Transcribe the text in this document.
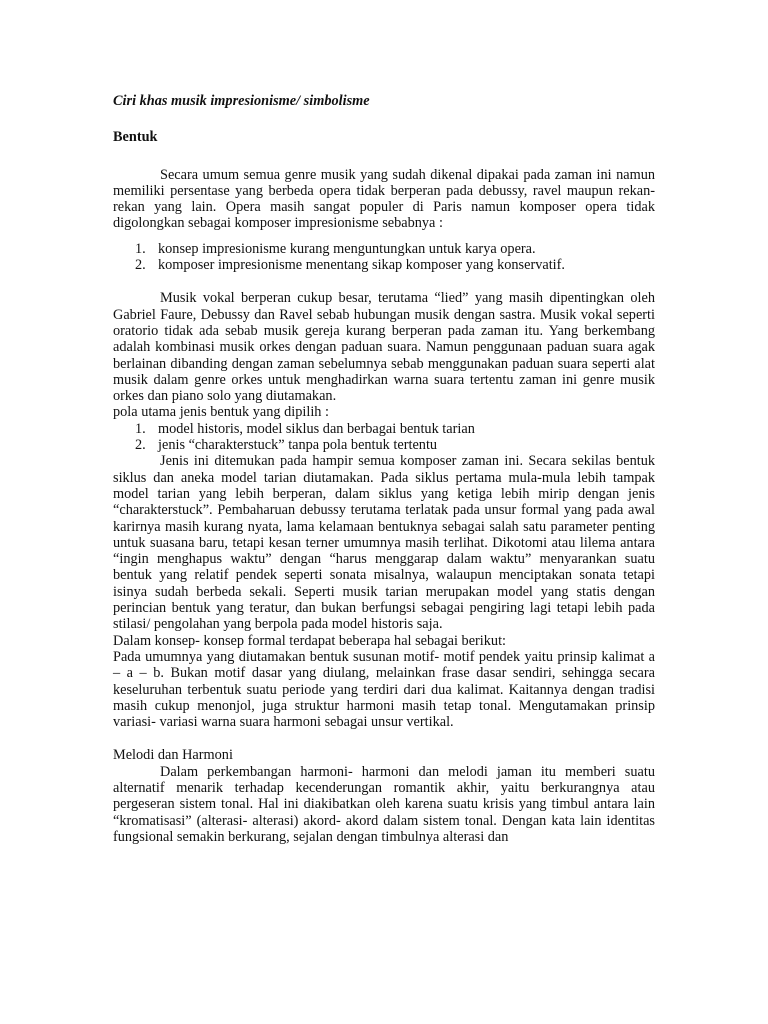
Ciri khas musik impresionisme/ simbolisme
Bentuk

Secara umum semua genre musik yang sudah dikenal dipakai pada zaman ini namun memiliki persentase yang berbeda opera tidak berperan pada debussy, ravel maupun rekan-rekan yang lain. Opera masih sangat populer di Paris namun komposer opera tidak digolongkan sebagai komposer impresionisme sebabnya :

1. konsep impresionisme kurang menguntungkan untuk karya opera.
2. komposer impresionisme menentang sikap komposer yang konservatif.

Musik vokal berperan cukup besar, terutama “lied” yang masih dipentingkan oleh Gabriel Faure, Debussy dan Ravel sebab hubungan musik dengan sastra. Musik vokal seperti oratorio tidak ada sebab musik gereja kurang berperan pada zaman itu. Yang berkembang adalah kombinasi musik orkes dengan paduan suara. Namun penggunaan paduan suara agak berlainan dibanding dengan zaman sebelumnya sebab menggunakan paduan suara seperti alat musik dalam genre orkes untuk menghadirkan warna suara tertentu zaman ini genre musik orkes dan piano solo yang diutamakan.

pola utama jenis bentuk yang dipilih :

1. model historis, model siklus dan berbagai bentuk tarian
2. jenis “charakterstuck” tanpa pola bentuk tertentu

Jenis ini ditemukan pada hampir semua komposer zaman ini. Secara sekilas bentuk siklus dan aneka model tarian diutamakan. Pada siklus pertama mula-mula lebih tampak model tarian yang lebih berperan, dalam siklus yang ketiga lebih mirip dengan jenis “charakterstuck”. Pembaharuan debussy terutama terlatak pada unsur formal yang pada awal karirnya masih kurang nyata, lama kelamaan bentuknya sebagai salah satu parameter penting untuk suasana baru, tetapi kesan terner umumnya masih terlihat. Dikotomi atau lilema antara “ingin menghapus waktu” dengan “harus menggarap dalam waktu” menyarankan suatu bentuk yang relatif pendek seperti sonata misalnya, walaupun menciptakan sonata tetapi isinya sudah berbeda sekali. Seperti musik tarian merupakan model yang statis dengan perincian bentuk yang teratur, dan bukan berfungsi sebagai pengiring lagi tetapi lebih pada stilasi/ pengolahan yang berpola pada model historis saja.

Dalam konsep- konsep formal terdapat beberapa hal sebagai berikut:

Pada umumnya yang diutamakan bentuk susunan motif- motif pendek yaitu prinsip kalimat a – a – b. Bukan motif dasar yang diulang, melainkan frase dasar sendiri, sehingga secara keseluruhan terbentuk suatu periode yang terdiri dari dua kalimat. Kaitannya dengan tradisi masih cukup menonjol, juga struktur harmoni masih tetap tonal. Mengutamakan prinsip variasi- variasi warna suara harmoni sebagai unsur vertikal.

Melodi dan Harmoni

Dalam perkembangan harmoni- harmoni dan melodi jaman itu memberi suatu alternatif menarik terhadap kecenderungan romantik akhir, yaitu berkurangnya atau pergeseran sistem tonal. Hal ini diakibatkan oleh karena suatu krisis yang timbul antara lain “kromatisasi” (alterasi- alterasi) akord- akord dalam sistem tonal. Dengan kata lain identitas fungsional semakin berkurang, sejalan dengan timbulnya alterasi dan
